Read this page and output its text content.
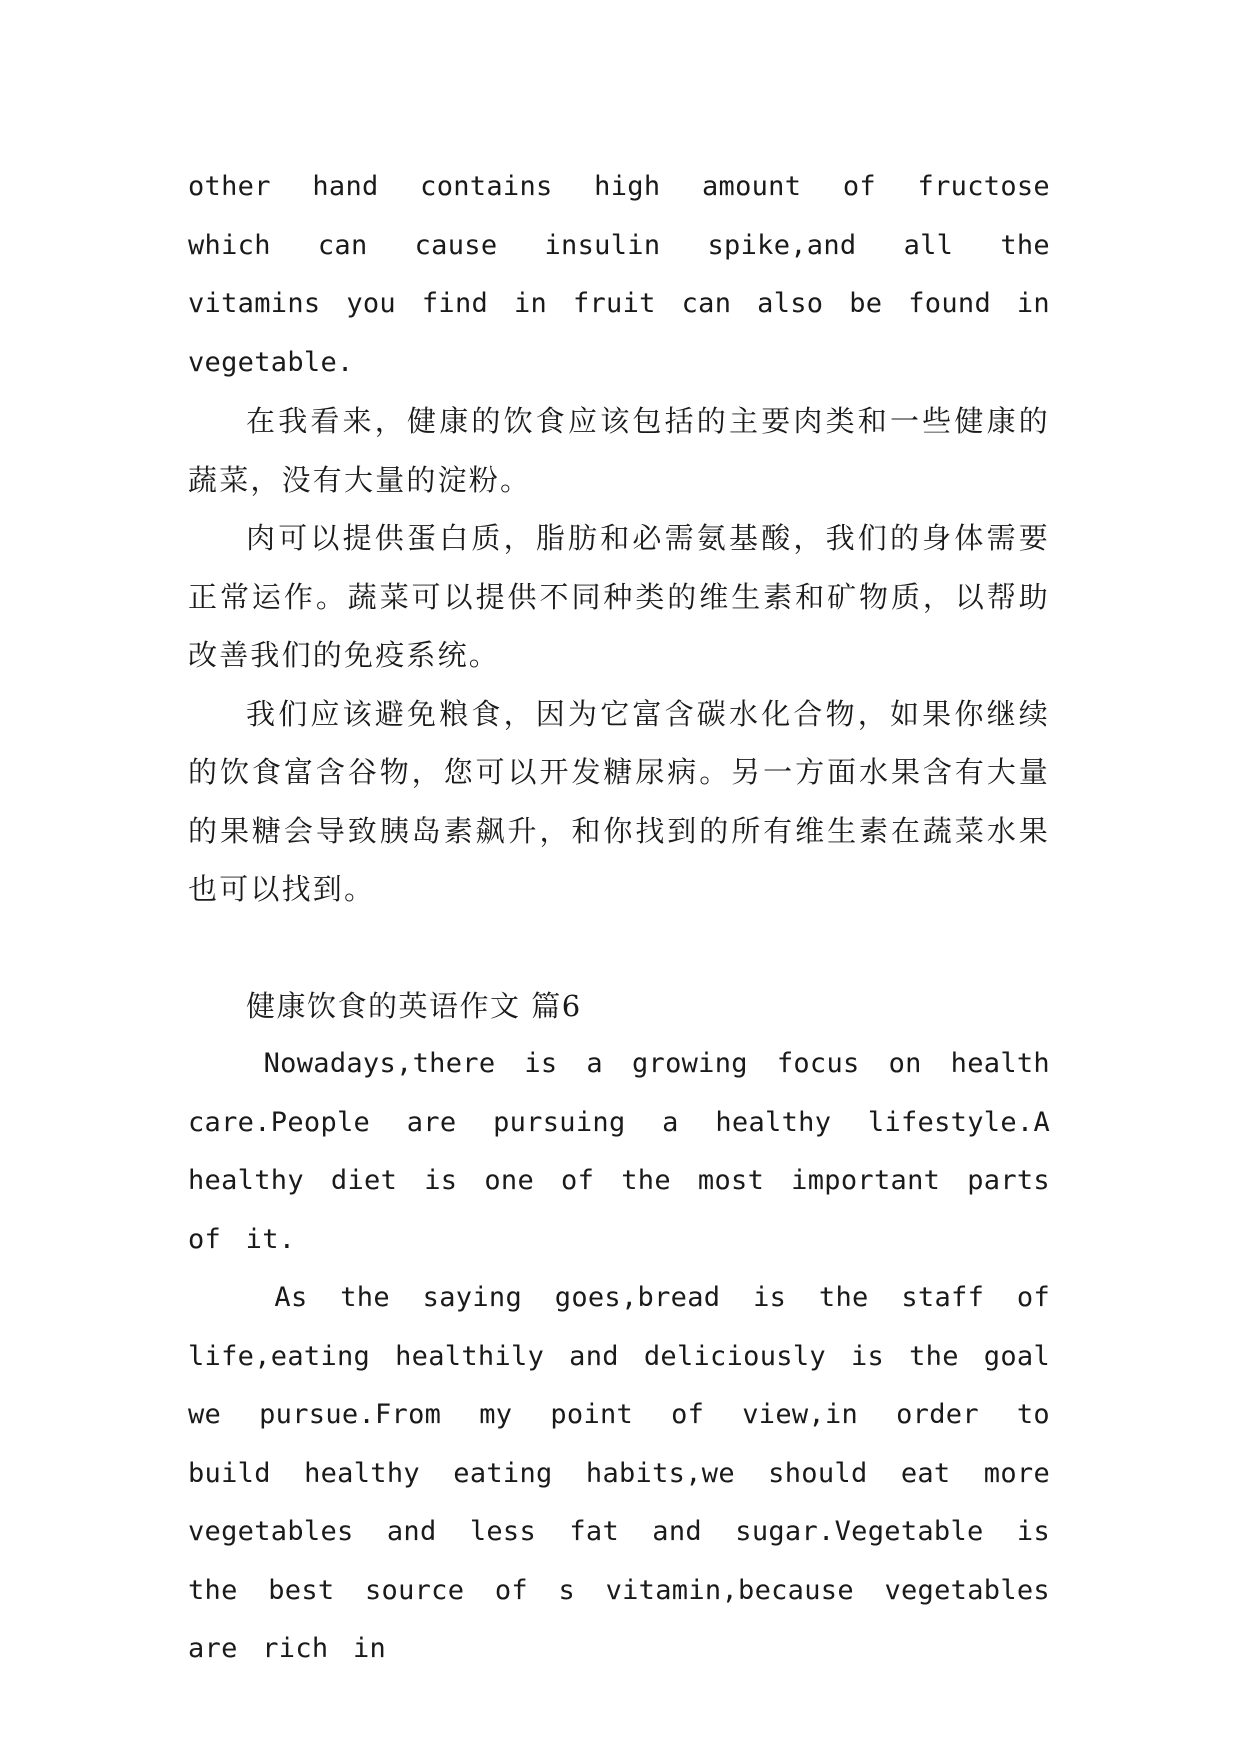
other hand contains high amount of fructose which can cause insulin spike,and all the vitamins you find in fruit can also be found in vegetable.

在我看来，健康的饮食应该包括的主要肉类和一些健康的蔬菜，没有大量的淀粉。

肉可以提供蛋白质，脂肪和必需氨基酸，我们的身体需要正常运作。蔬菜可以提供不同种类的维生素和矿物质，以帮助改善我们的免疫系统。

我们应该避免粮食，因为它富含碳水化合物，如果你继续的饮食富含谷物，您可以开发糖尿病。另一方面水果含有大量的果糖会导致胰岛素飙升，和你找到的所有维生素在蔬菜水果也可以找到。

健康饮食的英语作文 篇6

Nowadays,there is a growing focus on health care.People are pursuing a healthy lifestyle.A healthy diet is one of the most important parts of it.

As the saying goes,bread is the staff of life,eating healthily and deliciously is the goal we pursue.From my point of view,in order to build healthy eating habits,we should eat more vegetables and less fat and sugar.Vegetable is the best source of s vitamin,because vegetables are rich in
